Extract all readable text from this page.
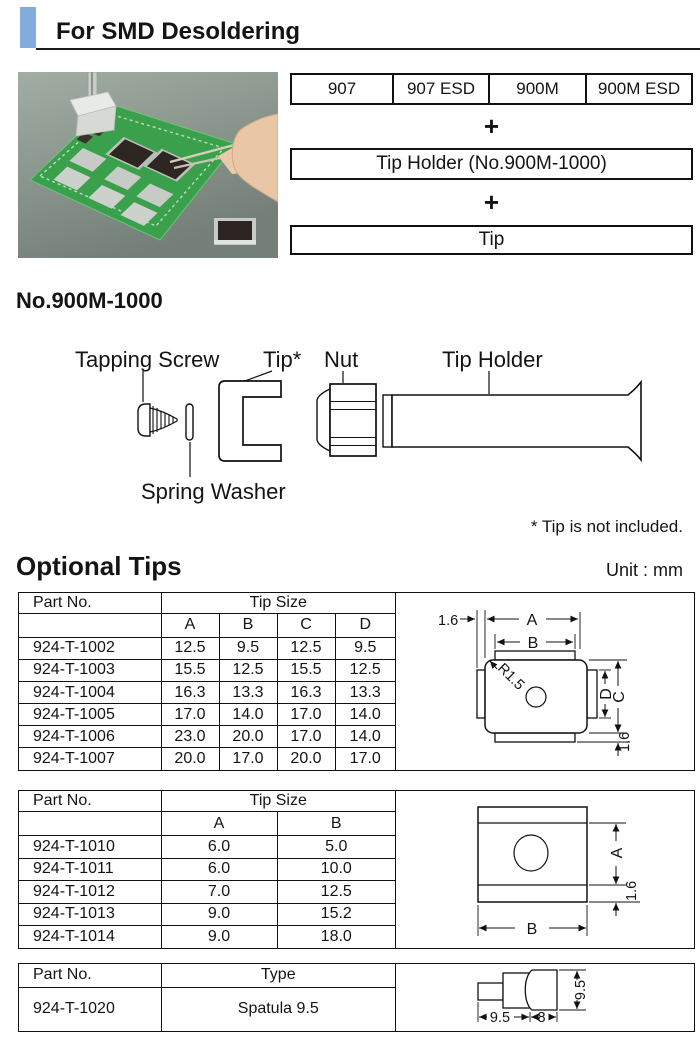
For SMD Desoldering
907	907 ESD	900M	900M ESD
+
Tip Holder (No.900M-1000)
+
Tip
No.900M-1000
Tapping Screw Tip* Nut	Tip Holder
Spring Washer
* Tip is not included.
Optional Tips	Unit : mm
Part No.	Tip Size			
	A	B	C	D
924-T-1002	12.5	9.5	12.5	9.5
924-T-1003	15.5	12.5	15.5	12.5
924-T-1004	16.3	13.3	16.3	13.3
924-T-1005	17.0	14.0	17.0	14.0
924-T-1006	23.0	20.0	17.0	14.0
924-T-1007	20.0	17.0	20.0	17.0
R1.5
1.6	A
B
D
C
1.6
Part No.	Tip Size	
	A	B
924-T-1010	6.0	5.0
924-T-1011	6.0	10.0
924-T-1012	7.0	12.5
924-T-1013	9.0	15.2
924-T-1014	9.0	18.0
A
1.6
B
Part No.	Type
924-T-1020	Spatula 9.5
9.5 8
9.5
